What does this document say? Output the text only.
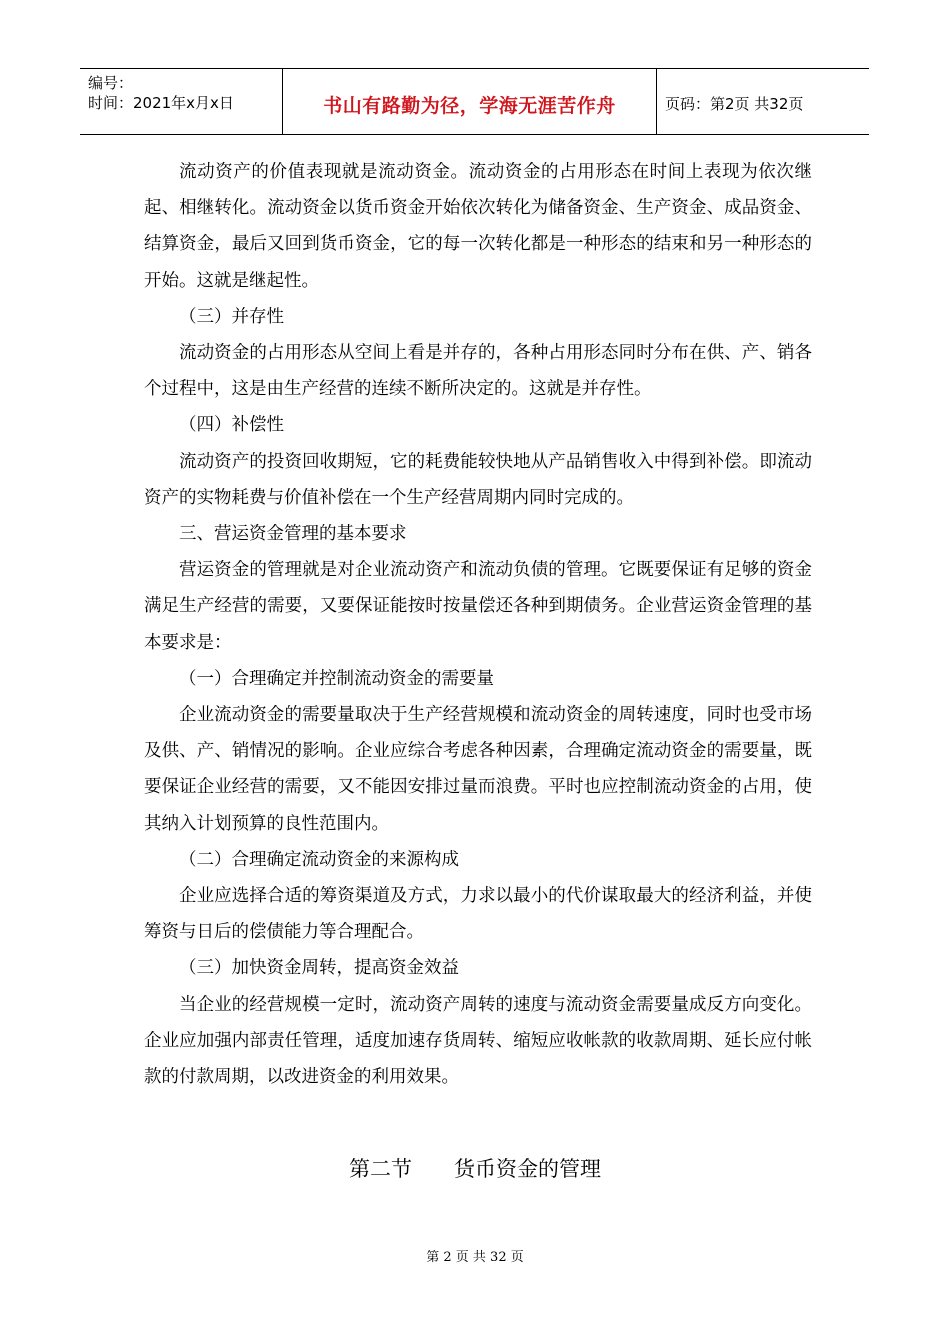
编号：
时间：2021年x月x日	书山有路勤为径，学海无涯苦作舟	页码：第2页 共32页

流动资产的价值表现就是流动资金。流动资金的占用形态在时间上表现为依次继起、相继转化。流动资金以货币资金开始依次转化为储备资金、生产资金、成品资金、结算资金，最后又回到货币资金，它的每一次转化都是一种形态的结束和另一种形态的开始。这就是继起性。

（三）并存性

流动资金的占用形态从空间上看是并存的，各种占用形态同时分布在供、产、销各个过程中，这是由生产经营的连续不断所决定的。这就是并存性。

（四）补偿性

流动资产的投资回收期短，它的耗费能较快地从产品销售收入中得到补偿。即流动资产的实物耗费与价值补偿在一个生产经营周期内同时完成的。

三、营运资金管理的基本要求

营运资金的管理就是对企业流动资产和流动负债的管理。它既要保证有足够的资金满足生产经营的需要，又要保证能按时按量偿还各种到期债务。企业营运资金管理的基本要求是：

（一）合理确定并控制流动资金的需要量

企业流动资金的需要量取决于生产经营规模和流动资金的周转速度，同时也受市场及供、产、销情况的影响。企业应综合考虑各种因素，合理确定流动资金的需要量，既要保证企业经营的需要，又不能因安排过量而浪费。平时也应控制流动资金的占用，使其纳入计划预算的良性范围内。

（二）合理确定流动资金的来源构成

企业应选择合适的筹资渠道及方式，力求以最小的代价谋取最大的经济利益，并使筹资与日后的偿债能力等合理配合。

（三）加快资金周转，提高资金效益

当企业的经营规模一定时，流动资产周转的速度与流动资金需要量成反方向变化。企业应加强内部责任管理，适度加速存货周转、缩短应收帐款的收款周期、延长应付帐款的付款周期，以改进资金的利用效果。

第二节　　货币资金的管理
第 2 页 共 32 页
